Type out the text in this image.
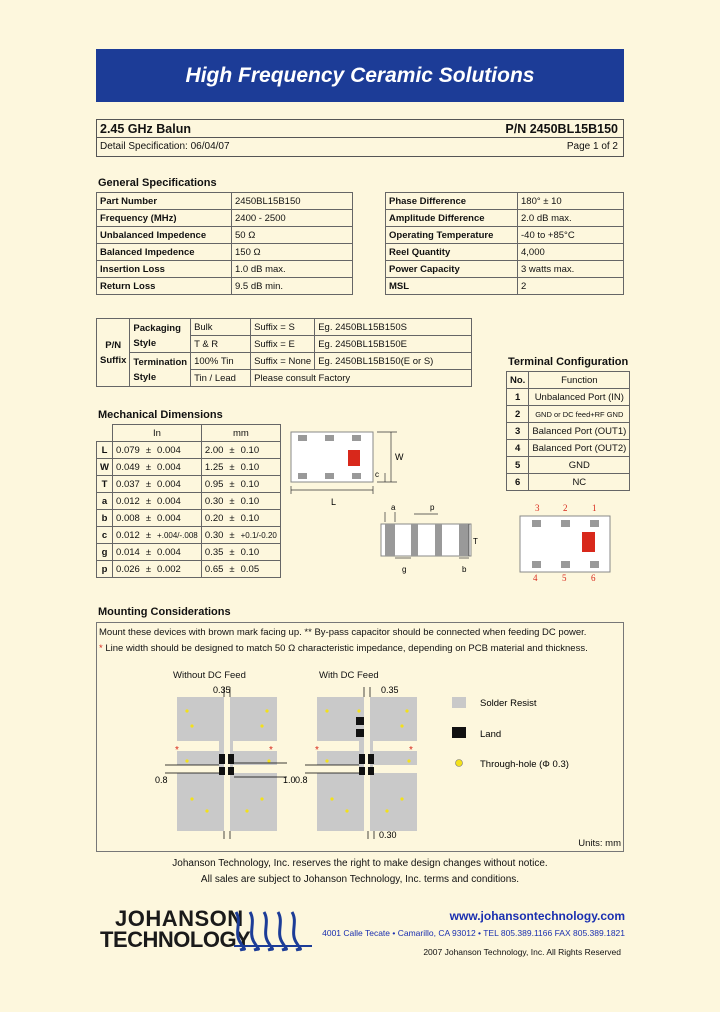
High Frequency Ceramic Solutions
2.45 GHz Balun	P/N 2450BL15B150
Detail Specification: 06/04/07	Page 1 of 2
General Specifications
Part Number	2450BL15B150
Frequency (MHz)	2400 - 2500
Unbalanced Impedence	50 Ω
Balanced Impedence	150 Ω
Insertion Loss	1.0 dB max.
Return Loss	9.5 dB min.
Phase Difference	180° ± 10
Amplitude Difference	2.0 dB max.
Operating Temperature	-40 to +85°C
Reel Quantity	4,000
Power Capacity	3 watts max.
MSL	2
P/N
Suffix	Packaging
Style	Bulk	Suffix = S	Eg. 2450BL15B150S
		T & R	Suffix = E	Eg. 2450BL15B150E
	Termination
Style	100% Tin	Suffix = None	Eg. 2450BL15B150(E or S)
		Tin / Lead	Please consult Factory	
Terminal Configuration
No.	Function
1	Unbalanced Port (IN)
2	GND or DC feed+RF GND
3	Balanced Port (OUT1)
4	Balanced Port (OUT2)
5	GND
6	NC
3	2	1
4	5	6
Mechanical Dimensions
	In			mm		
L	0.079	±	0.004	2.00	±	0.10
W	0.049	±	0.004	1.25	±	0.10
T	0.037	±	0.004	0.95	±	0.10
a	0.012	±	0.004	0.30	±	0.10
b	0.008	±	0.004	0.20	±	0.10
c	0.012	±	+.004/-.008	0.30	±	+0.1/-0.20
g	0.014	±	0.004	0.35	±	0.10
p	0.026	±	0.002	0.65	±	0.05
W
c
L
a	p
T
g	b
Mounting Considerations
Mount these devices with brown mark facing up. ** By-pass capacitor should be connected when feeding DC power.
* Line width should be designed to match 50 Ω characteristic impedance, depending on PCB material and thickness.
Without DC Feed	With DC Feed
*	*
0.35
0.8	1.0
*	*
0.35
0.8
0.30
Solder Resist
Land
Through-hole (Φ 0.3)
Units: mm
Johanson Technology, Inc. reserves the right to make design changes without notice.
All sales are subject to Johanson Technology, Inc. terms and conditions.
JOHANSON
TECHNOLOGY
www.johansontechnology.com
4001 Calle Tecate • Camarillo, CA 93012 • TEL 805.389.1166 FAX 805.389.1821
2007 Johanson Technology, Inc. All Rights Reserved
